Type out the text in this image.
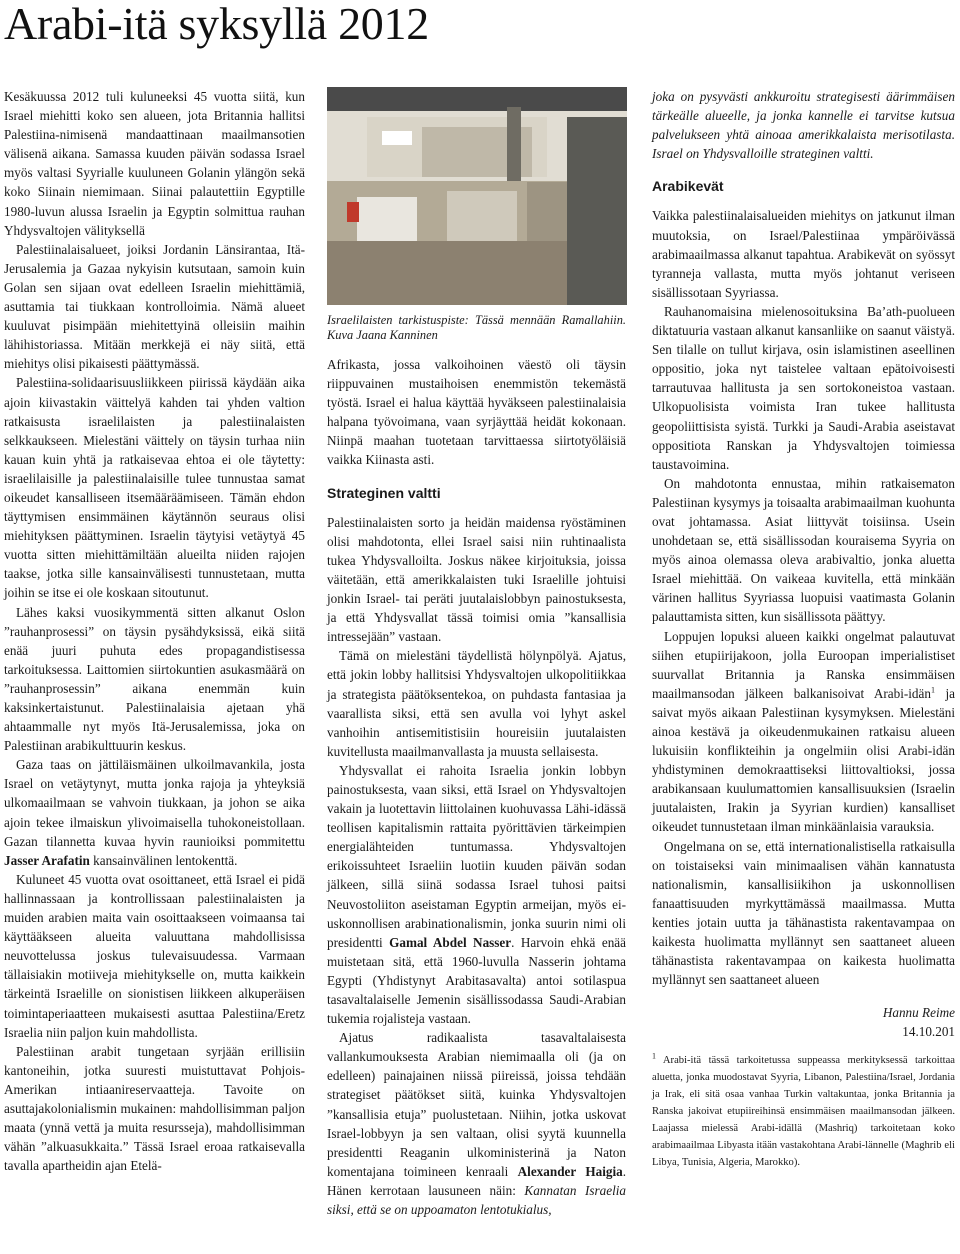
Arabi-itä syksyllä 2012

Kesäkuussa 2012 tuli kuluneeksi 45 vuotta siitä, kun Israel miehitti koko sen alueen, jota Britannia hallitsi Palestiina-nimisenä mandaattinaan maailmansotien välisenä aikana. Samassa kuuden päivän sodassa Israel myös valtasi Syyrialle kuuluneen Golanin ylängön sekä koko Siinain niemimaan. Siinai palautettiin Egyptille 1980-luvun alussa Israelin ja Egyptin solmittua rauhan Yhdysvaltojen välityksellä

Palestiinalaisalueet, joiksi Jordanin Länsirantaa, Itä-Jerusalemia ja Gazaa nykyisin kutsutaan, samoin kuin Golan sen sijaan ovat edelleen Israelin miehittämiä, asuttamia tai tiukkaan kontrolloimia. Nämä alueet kuuluvat pisimpään miehitettyinä olleisiin maihin lähihistoriassa. Mitään merkkejä ei näy siitä, että miehitys olisi pikaisesti päättymässä.

Palestiina-solidaarisuusliikkeen piirissä käydään aika ajoin kiivastakin väittelyä kahden tai yhden valtion ratkaisusta israelilaisten ja palestiinalaisten selkkaukseen. Mielestäni väittely on täysin turhaa niin kauan kuin yhtä ja ratkaisevaa ehtoa ei ole täytetty: israelilaisille ja palestiinalaisille tulee tunnustaa samat oikeudet kansalliseen itsemääräämiseen. Tämän ehdon täyttymisen ensimmäinen käytännön seuraus olisi miehityksen päättyminen. Israelin täytyisi vetäytyä 45 vuotta sitten miehittämiltään alueilta niiden rajojen taakse, jotka sille kansainvälisesti tunnustetaan, mutta joihin se itse ei ole koskaan sitoutunut.

Lähes kaksi vuosikymmentä sitten alkanut Oslon ”rauhanprosessi” on täysin pysähdyksissä, eikä siitä enää juuri puhuta edes propagandistisessa tarkoituksessa. Laittomien siirtokuntien asukasmäärä on ”rauhanprosessin” aikana enemmän kuin kaksinkertaistunut. Palestiinalaisia ajetaan yhä ahtaammalle nyt myös Itä-Jerusalemissa, joka on Palestiinan arabikulttuurin keskus.

Gaza taas on jättiläismäinen ulkoilmavankila, josta Israel on vetäytynyt, mutta jonka rajoja ja yhteyksiä ulkomaailmaan se vahvoin tiukkaan, ja johon se aika ajoin tekee ilmaiskun ylivoimaisella tuhokoneistollaan. Gazan tilannetta kuvaa hyvin raunioiksi pommitettu Jasser Arafatin kansainvälinen lentokenttä.

Kuluneet 45 vuotta ovat osoittaneet, että Israel ei pidä hallinnassaan ja kontrollissaan palestiinalaisten ja muiden arabien maita vain osoittaakseen voimaansa tai käyttääkseen alueita valuuttana mahdollisissa neuvottelussa joskus tulevaisuudessa. Varmaan tällaisiakin motiiveja miehitykselle on, mutta kaikkein tärkeintä Israelille on sionistisen liikkeen alkuperäisen toimintaperiaatteen mukaisesti asuttaa Palestiina/Eretz Israelia niin paljon kuin mahdollista.

Palestiinan arabit tungetaan syrjään erillisiin kantoneihin, jotka suuresti muistuttavat Pohjois-Amerikan intiaanireservaatteja. Tavoite on asuttajakolonialismin mukainen: mahdollisimman paljon maata (ynnä vettä ja muita resursseja), mahdollisimman vähän ”alkuasukkaita.” Tässä Israel eroaa ratkaisevalla tavalla apartheidin ajan Etelä-

Israelilaisten tarkistuspiste: Tässä mennään Ramallahiin. Kuva Jaana Kanninen

Afrikasta, jossa valkoihoinen väestö oli täysin riippuvainen mustaihoisen enemmistön tekemästä työstä. Israel ei halua käyttää hyväkseen palestiinalaisia halpana työvoimana, vaan syrjäyttää heidät kokonaan. Niinpä maahan tuotetaan tarvittaessa siirtotyöläisiä vaikka Kiinasta asti.

Strateginen valtti

Palestiinalaisten sorto ja heidän maidensa ryöstäminen olisi mahdotonta, ellei Israel saisi niin ruhtinaalista tukea Yhdysvalloilta. Joskus näkee kirjoituksia, joissa väitetään, että amerikkalaisten tuki Israelille johtuisi jonkin Israel- tai peräti juutalaislobbyn painostuksesta, ja että Yhdysvallat tässä toimisi omia ”kansallisia intressejään” vastaan.

Tämä on mielestäni täydellistä hölynpölyä. Ajatus, että jokin lobby hallitsisi Yhdysvaltojen ulkopolitiikkaa ja strategista päätöksentekoa, on puhdasta fantasiaa ja vaarallista siksi, että sen avulla voi lyhyt askel vanhoihin antisemitistisiin houreisiin juutalaisten kuvitellusta maailmanvallasta ja muusta sellaisesta.

Yhdysvallat ei rahoita Israelia jonkin lobbyn painostuksesta, vaan siksi, että Israel on Yhdysvaltojen vakain ja luotettavin liittolainen kuohuvassa Lähi-idässä teollisen kapitalismin rattaita pyörittävien tärkeimpien energialähteiden tuntumassa. Yhdysvaltojen erikoissuhteet Israeliin luotiin kuuden päivän sodan jälkeen, sillä siinä sodassa Israel tuhosi paitsi Neuvostoliiton aseistaman Egyptin armeijan, myös ei-uskonnollisen arabinationalismin, jonka suurin nimi oli presidentti Gamal Abdel Nasser. Harvoin ehkä enää muistetaan sitä, että 1960-luvulla Nasserin johtama Egypti (Yhdistynyt Arabitasavalta) antoi sotilaspua tasavaltalaiselle Jemenin sisällissodassa Saudi-Arabian tukemia rojalisteja vastaan.

Ajatus radikaalista tasavaltalaisesta vallankumouksesta Arabian niemimaalla oli (ja on edelleen) painajainen niissä piireissä, joissa tehdään strategiset päätökset siitä, kuinka Yhdysvaltojen ”kansallisia etuja” puolustetaan. Niihin, jotka uskovat Israel-lobbyyn ja sen valtaan, olisi syytä kuunnella presidentti Reaganin ulkoministerinä ja Naton komentajana toimineen kenraali Alexander Haigia. Hänen kerrotaan lausuneen näin: Kannatan Israelia siksi, että se on uppoamaton lentotukialus,

joka on pysyvästi ankkuroitu strategisesti äärimmäisen tärkeälle alueelle, ja jonka kannelle ei tarvitse kutsua palvelukseen yhtä ainoaa amerikkalaista merisotilasta. Israel on Yhdysvalloille strateginen valtti.

Arabikevät

Vaikka palestiinalaisalueiden miehitys on jatkunut ilman muutoksia, on Israel/Palestiinaa ympäröivässä arabimaailmassa alkanut tapahtua. Arabikevät on syössyt tyranneja vallasta, mutta myös johtanut veriseen sisällissotaan Syyriassa.

Rauhanomaisina mielenosoituksina Ba’ath-puolueen diktatuuria vastaan alkanut kansanliike on saanut väistyä. Sen tilalle on tullut kirjava, osin islamistinen aseellinen oppositio, joka nyt taistelee valtaan epätoivoisesti tarrautuvaa hallitusta ja sen sortokoneistoa vastaan. Ulkopuolisista voimista Iran tukee hallitusta geopoliittisista syistä. Turkki ja Saudi-Arabia aseistavat oppositiota Ranskan ja Yhdysvaltojen toimiessa taustavoimina.

On mahdotonta ennustaa, mihin ratkaisematon Palestiinan kysymys ja toisaalta arabimaailman kuohunta ovat johtamassa. Asiat liittyvät toisiinsa. Usein unohdetaan se, että sisällissodan kouraisema Syyria on myös ainoa olemassa oleva arabivaltio, jonka aluetta Israel miehittää. On vaikeaa kuvitella, että minkään värinen hallitus Syyriassa luopuisi vaatimasta Golanin palauttamista sitten, kun sisällissota päättyy.

Loppujen lopuksi alueen kaikki ongelmat palautuvat siihen etupiirijakoon, jolla Euroopan imperialistiset suurvallat Britannia ja Ranska ensimmäisen maailmansodan jälkeen balkanisoivat Arabi-idän$^1$ ja saivat myös aikaan Palestiinan kysymyksen. Mielestäni ainoa kestävä ja oikeudenmukainen ratkaisu alueen lukuisiin konflikteihin ja ongelmiin olisi Arabi-idän yhdistyminen demokraattiseksi liittovaltioksi, jossa arabikansaan kuulumattomien kansallisuuksien (Israelin juutalaisten, Irakin ja Syyrian kurdien) kansalliset oikeudet tunnustetaan ilman minkäänlaisia varauksia.

Ongelmana on se, että internationalistisella ratkaisulla on toistaiseksi vain minimaalisen vähän kannatusta nationalismin, kansallisiikihon ja uskonnollisen fanaattisuuden myrkyttämässä maailmassa. Mutta kenties jotain uutta ja tähänastista rakentavampaa on kaikesta huolimatta myllännyt sen saattaneet alueen tähänastista rakentavampaa on kaikesta huolimatta myllännyt sen saattaneet alueen

Hannu Reime
14.10.201
$^1$ Arabi-itä tässä tarkoitetussa suppeassa merkityksessä tarkoittaa aluetta, jonka muodostavat Syyria, Libanon, Palestiina/Israel, Jordania ja Irak, eli sitä osaa vanhaa Turkin valtakuntaa, jonka Britannia ja Ranska jakoivat etupiireihinsä ensimmäisen maailmansodan jälkeen. Laajassa mielessä Arabi-idällä (Mashriq) tarkoitetaan koko arabimaailmaa Libyasta itään vastakohtana Arabi-lännelle (Maghrib eli Libya, Tunisia, Algeria, Marokko).
